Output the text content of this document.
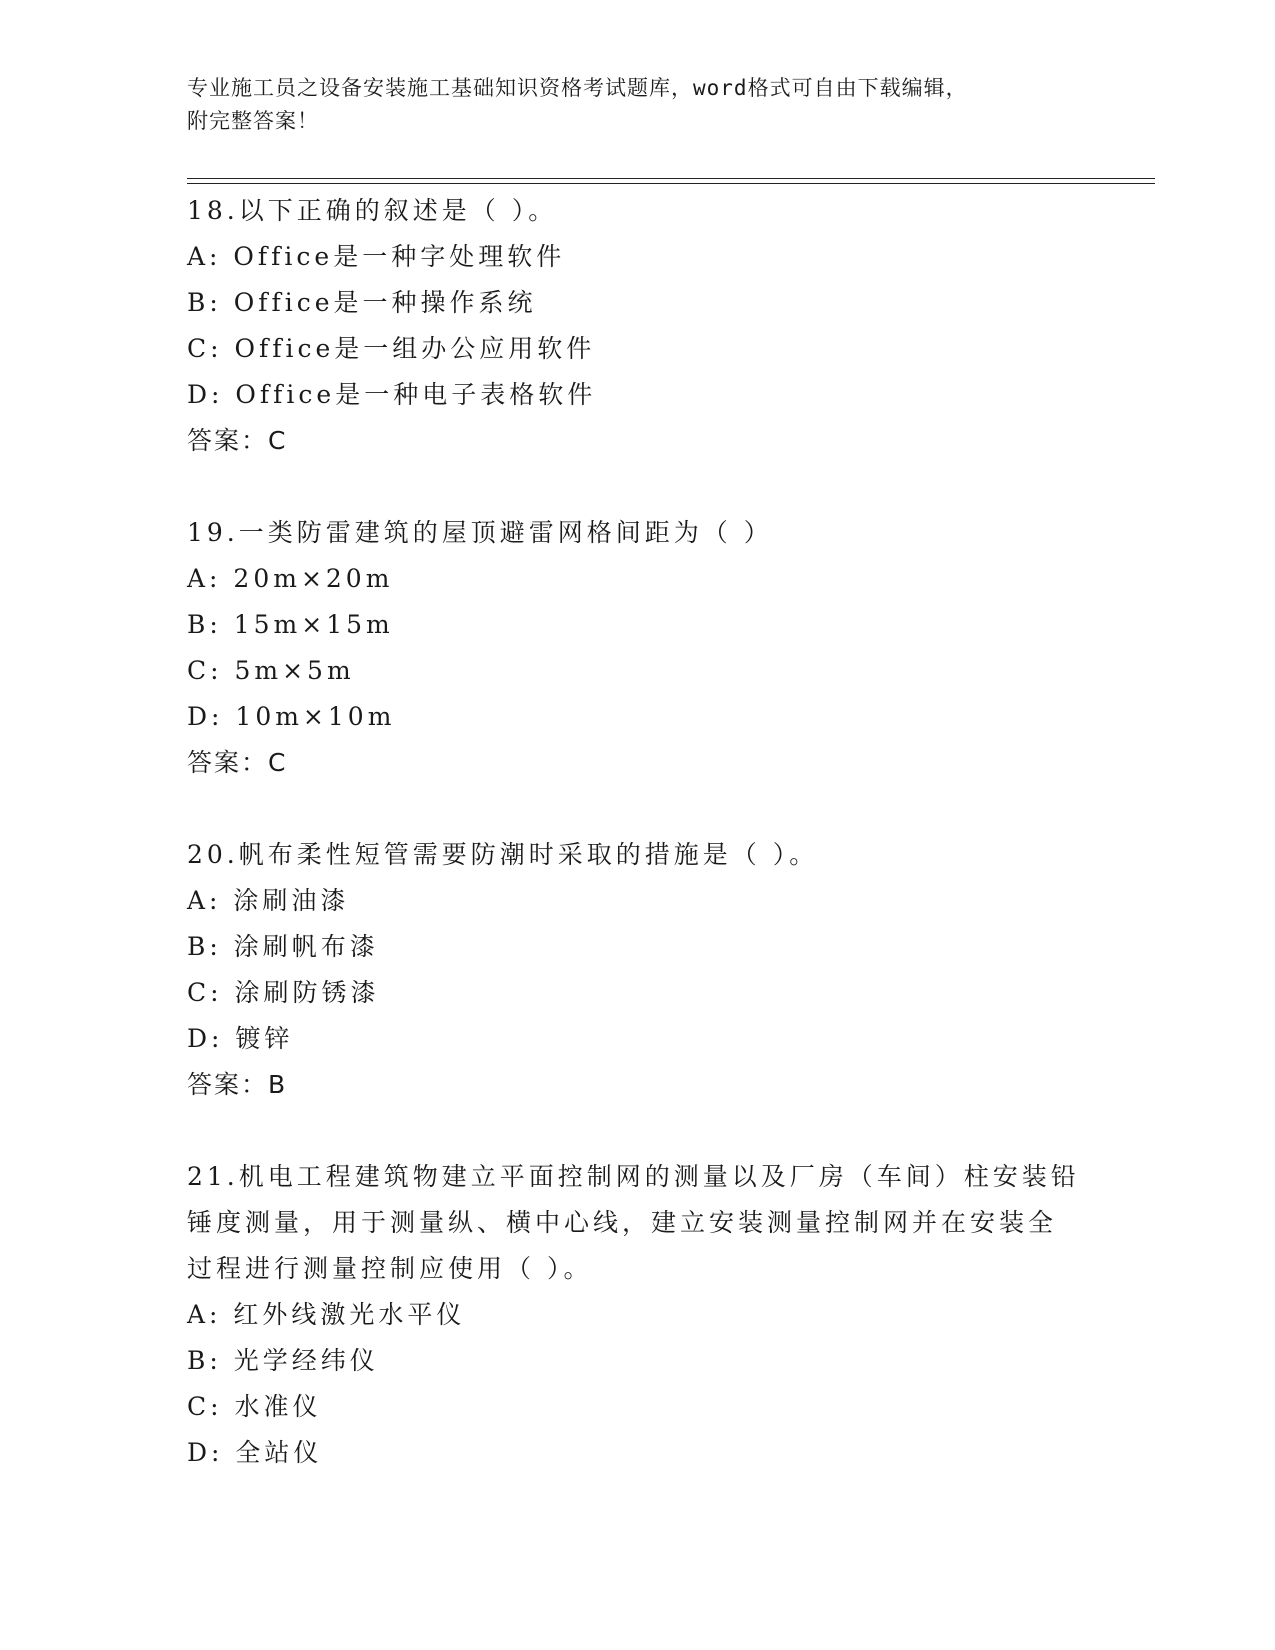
专业施工员之设备安装施工基础知识资格考试题库，word格式可自由下载编辑，
附完整答案！

18.以下正确的叙述是（ ）。

A: Office是一种字处理软件

B: Office是一种操作系统

C: Office是一组办公应用软件

D: Office是一种电子表格软件

答案：C

19.一类防雷建筑的屋顶避雷网格间距为（ ）

A: 20m×20m

B: 15m×15m

C: 5m×5m

D: 10m×10m

答案：C

20.帆布柔性短管需要防潮时采取的措施是（ ）。

A: 涂刷油漆

B: 涂刷帆布漆

C: 涂刷防锈漆

D: 镀锌

答案：B

21.机电工程建筑物建立平面控制网的测量以及厂房（车间）柱安装铅

锤度测量，用于测量纵、横中心线，建立安装测量控制网并在安装全

过程进行测量控制应使用（ ）。

A: 红外线激光水平仪

B: 光学经纬仪

C: 水准仪

D: 全站仪
